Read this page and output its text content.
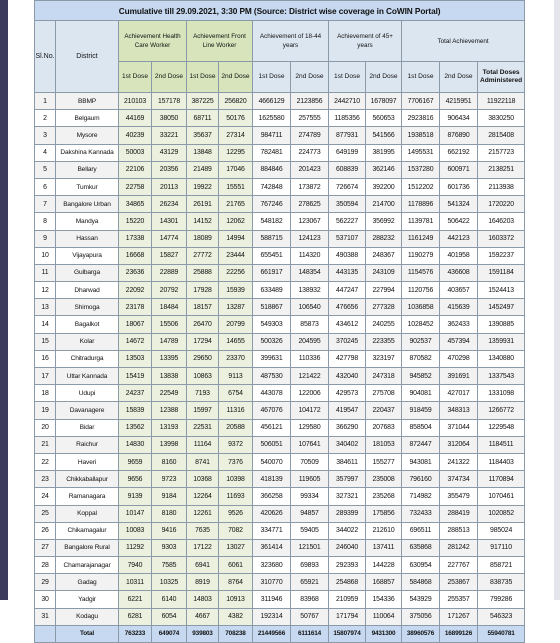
Cumulative till 29.09.2021, 3:30 PM (Source: District wise coverage in CoWIN Portal)												
Sl.No.	District	Achievement Health Care Worker		Achievement Front Line Worker		Achievement of 18-44 years		Achievement of 45+ years		Total Achievement		
		1st Dose	2nd Dose	1st Dose	2nd Dose	1st Dose	2nd Dose	1st Dose	2nd Dose	1st Dose	2nd Dose	Total Doses Administered
1	BBMP	210103	157178	387225	256820	4666129	2123856	2442710	1678097	7706167	4215951	11922118
2	Belgaum	44169	38050	68711	50176	1625580	257555	1185356	560653	2923816	906434	3830250
3	Mysore	40239	33221	35637	27314	984711	274789	877931	541566	1938518	876890	2815408
4	Dakshina Kannada	50003	43129	13848	12295	782481	224773	649199	381995	1495531	662192	2157723
5	Bellary	22106	20356	21489	17046	884846	201423	608839	362146	1537280	600971	2138251
6	Tumkur	22758	20113	19922	15551	742848	173872	726674	392200	1512202	601736	2113938
7	Bangalore Urban	34865	26234	26191	21765	767246	278625	350594	214700	1178896	541324	1720220
8	Mandya	15220	14301	14152	12062	548182	123067	562227	356992	1139781	506422	1646203
9	Hassan	17338	14774	18089	14994	588715	124123	537107	288232	1161249	442123	1603372
10	Vijayapura	16668	15827	27772	23444	655451	114320	490388	248367	1190279	401958	1592237
11	Gulbarga	23636	22889	25888	22256	661917	148354	443135	243109	1154576	436608	1591184
12	Dharwad	22092	20792	17928	15939	633489	138932	447247	227994	1120756	403657	1524413
13	Shimoga	23178	18484	18157	13287	518867	106540	476656	277328	1036858	415639	1452497
14	Bagalkot	18067	15506	26470	20799	549303	85873	434612	240255	1028452	362433	1390885
15	Kolar	14672	14789	17294	14655	500326	204595	370245	223355	902537	457394	1359931
16	Chitradurga	13503	13395	29650	23370	399631	110336	427798	323197	870582	470298	1340880
17	Uttar Kannada	15419	13838	10863	9113	487530	121422	432040	247318	945852	391691	1337543
18	Udupi	24237	22549	7193	6754	443078	122006	429573	275708	904081	427017	1331098
19	Davanagere	15839	12388	15997	11316	467076	104172	419547	220437	918459	348313	1266772
20	Bidar	13562	13193	22531	20588	456121	129580	366290	207683	858504	371044	1229548
21	Raichur	14830	13998	11164	9372	506051	107641	340402	181053	872447	312064	1184511
22	Haveri	9659	8160	8741	7376	540070	70509	384611	155277	943081	241322	1184403
23	Chikkaballapur	9656	9723	10368	10398	418139	119605	357997	235008	796160	374734	1170894
24	Ramanagara	9139	9184	12264	11693	366258	99334	327321	235268	714982	355479	1070461
25	Koppal	10147	8180	12261	9526	420626	94857	289399	175856	732433	288419	1020852
26	Chikamagalur	10083	9416	7635	7082	334771	59405	344022	212610	696511	288513	985024
27	Bangalore Rural	11292	9303	17122	13027	361414	121501	246040	137411	635868	281242	917110
28	Chamarajanagar	7940	7585	6941	6061	323680	69893	292393	144228	630954	227767	858721
29	Gadag	10311	10325	8919	8764	310770	65921	254868	168857	584868	253867	838735
30	Yadgir	6221	6140	14803	10913	311946	83968	210959	154336	543929	255357	799286
31	Kodagu	6281	6054	4667	4382	192314	50767	171794	110064	375056	171267	546323
	Total	763233	649074	939803	708238	21449566	6111614	15807974	9431300	38960576	16899126	55940781
